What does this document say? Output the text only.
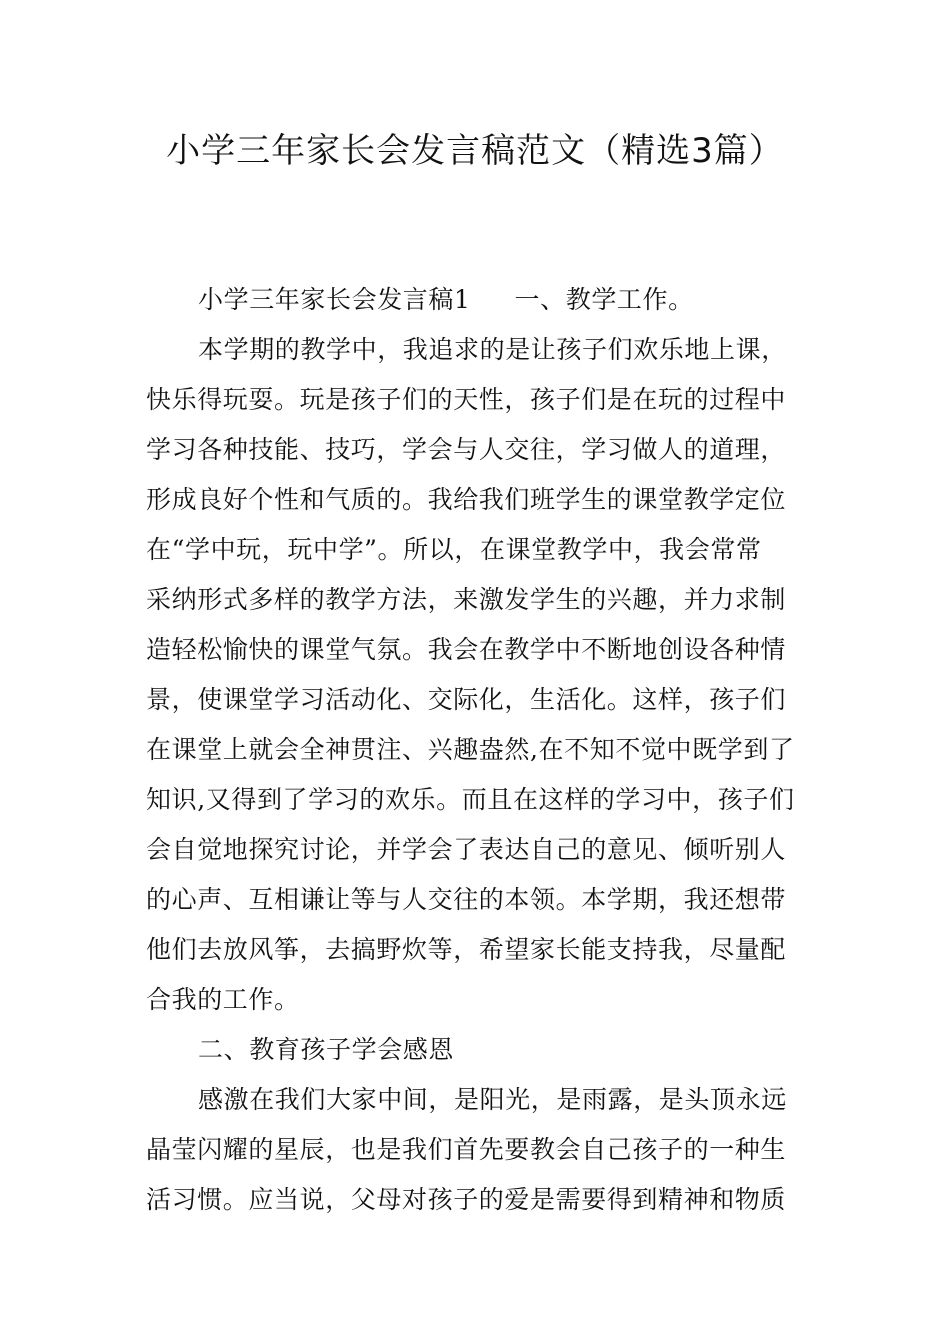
小学三年家长会发言稿范文（精选3篇）
小学三年家长会发言稿1 一、教学工作。
本学期的教学中，我追求的是让孩子们欢乐地上课，
快乐得玩耍。玩是孩子们的天性，孩子们是在玩的过程中
学习各种技能、技巧，学会与人交往，学习做人的道理，
形成良好个性和气质的。我给我们班学生的课堂教学定位
在“学中玩，玩中学”。所以，在课堂教学中，我会常常
采纳形式多样的教学方法，来激发学生的兴趣，并力求制
造轻松愉快的课堂气氛。我会在教学中不断地创设各种情
景，使课堂学习活动化、交际化，生活化。这样，孩子们
在课堂上就会全神贯注、兴趣盎然,在不知不觉中既学到了
知识,又得到了学习的欢乐。而且在这样的学习中，孩子们
会自觉地探究讨论，并学会了表达自己的意见、倾听别人
的心声、互相谦让等与人交往的本领。本学期，我还想带
他们去放风筝，去搞野炊等，希望家长能支持我，尽量配
合我的工作。
二、教育孩子学会感恩
感激在我们大家中间，是阳光，是雨露，是头顶永远
晶莹闪耀的星辰，也是我们首先要教会自己孩子的一种生
活习惯。应当说，父母对孩子的爱是需要得到精神和物质
